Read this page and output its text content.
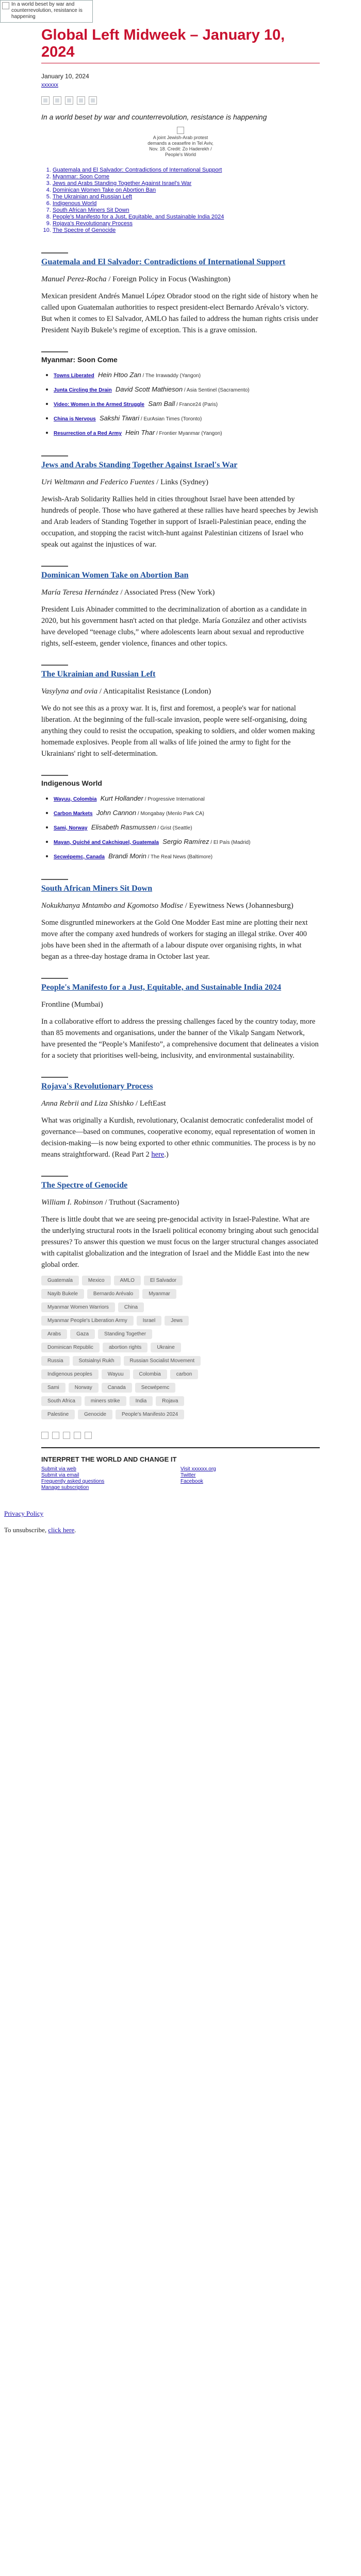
In a world beset by war and counterrevolution, resistance is happening
Global Left Midweek – January 10, 2024

January 10, 2024

xxxxxx

In a world beset by war and counterrevolution, resistance is happening

A joint Jewish-Arab protest demands a ceasefire in Tel Aviv, Nov. 18. Credit: Zo Haderekh / People's World
1. Guatemala and El Salvador: Contradictions of International Support
2. Myanmar: Soon Come
3. Jews and Arabs Standing Together Against Israel's War
4. Dominican Women Take on Abortion Ban
5. The Ukrainian and Russian Left
6. Indigenous World
7. South African Miners Sit Down
8. People's Manifesto for a Just, Equitable, and Sustainable India 2024
9. Rojava's Revolutionary Process
10. The Spectre of Genocide
Guatemala and El Salvador: Contradictions of International Support

Manuel Perez-Rocha / Foreign Policy in Focus (Washington)

Mexican president Andrés Manuel López Obrador stood on the right side of history when he called upon Guatemalan authorities to respect president-elect Bernardo Arévalo’s victory. But when it comes to El Salvador, AMLO has failed to address the human rights crisis under President Nayib Bukele’s regime of exception. This is a grave omission.

Myanmar: Soon Come
• Towns Liberated Hein Htoo Zan / The Irrawaddy (Yangon)
• Junta Circling the Drain David Scott Mathieson / Asia Sentinel (Sacramento)
• Video: Women in the Armed Struggle Sam Ball / France24 (Paris)
• China is Nervous Sakshi Tiwari / EurAsian Times (Toronto)
• Resurrection of a Red Army Hein Thar / Frontier Myanmar (Yangon)
Jews and Arabs Standing Together Against Israel's War

Uri Weltmann and Federico Fuentes / Links (Sydney)

Jewish-Arab Solidarity Rallies held in cities throughout Israel have been attended by hundreds of people. Those who have gathered at these rallies have heard speeches by Jewish and Arab leaders of Standing Together in support of Israeli-Palestinian peace, ending the occupation, and stopping the racist witch-hunt against Palestinian citizens of Israel who speak out against the injustices of war.

Dominican Women Take on Abortion Ban

María Teresa Hernández / Associated Press (New York)

President Luis Abinader committed to the decriminalization of abortion as a candidate in 2020, but his government hasn't acted on that pledge. María González and other activists have developed “teenage clubs,” where adolescents learn about sexual and reproductive rights, self-esteem, gender violence, finances and other topics.

The Ukrainian and Russian Left

Vasylyna and ovia / Anticapitalist Resistance (London)

We do not see this as a proxy war. It is, first and foremost, a people's war for national liberation. At the beginning of the full-scale invasion, people were self-organising, doing anything they could to resist the occupation, speaking to soldiers, and older women making homemade explosives. People from all walks of life joined the army to fight for the Ukrainians' right to self-determination.

Indigenous World
• Wayuu, Colombia Kurt Hollander / Progressive International
• Carbon Markets John Cannon / Mongabay (Menlo Park CA)
• Sami, Norway Elisabeth Rasmussen / Grist (Seattle)
• Mayan, Quiché and Cakchiquel, Guatemala Sergio Ramírez / El País (Madrid)
• Secwépemc, Canada Brandi Morin / The Real News (Baltimore)
South African Miners Sit Down

Nokukhanya Mntambo and Kgomotso Modise / Eyewitness News (Johannesburg)

Some disgruntled mineworkers at the Gold One Modder East mine are plotting their next move after the company axed hundreds of workers for staging an illegal strike. Over 400 jobs have been shed in the aftermath of a labour dispute over organising rights, in what began as a three-day hostage drama in October last year.

People's Manifesto for a Just, Equitable, and Sustainable India 2024

Frontline (Mumbai)

In a collaborative effort to address the pressing challenges faced by the country today, more than 85 movements and organisations, under the banner of the Vikalp Sangam Network, have presented the “People’s Manifesto”, a comprehensive document that delineates a vision for a society that prioritises well-being, inclusivity, and environmental sustainability.

Rojava's Revolutionary Process

Anna Rebrii and Liza Shishko / LeftEast

What was originally a Kurdish, revolutionary, Ocalanist democratic confederalist model of governance—based on communes, cooperative economy, equal representation of women in decision-making—is now being exported to other ethnic communities. The process is by no means straightforward. (Read Part 2 here.)

The Spectre of Genocide

William I. Robinson / Truthout (Sacramento)

There is little doubt that we are seeing pre-genocidal activity in Israel-Palestine. What are the underlying structural roots in the Israeli political economy bringing about such genocidal pressures? To answer this question we must focus on the larger structural changes associated with capitalist globalization and the integration of Israel and the Middle East into the new global order.

Guatemala	Mexico	AMLO	El Salvador
Nayib Bukele	Bernardo Arévalo	Myanmar
Myanmar Women Warriors	China
Myanmar People's Liberation Army	Israel	Jews
Arabs	Gaza	Standing Together
Dominican Republic	abortion rights	Ukraine
Russia	Sotsialnyi Rukh	Russian Socialist Movement
Indigenous peoples	Wayuu	Colombia	carbon
Sami	Norway	Canada	Secwépemc
South Africa	miners strike	India	Rojava
Palestine	Genocide	People's Manifesto 2024
INTERPRET THE WORLD AND CHANGE IT
Submit via web
Submit via email
Frequently asked questions
Manage subscription
Visit xxxxxx.org
Twitter
Facebook

Privacy Policy

To unsubscribe, click here.
